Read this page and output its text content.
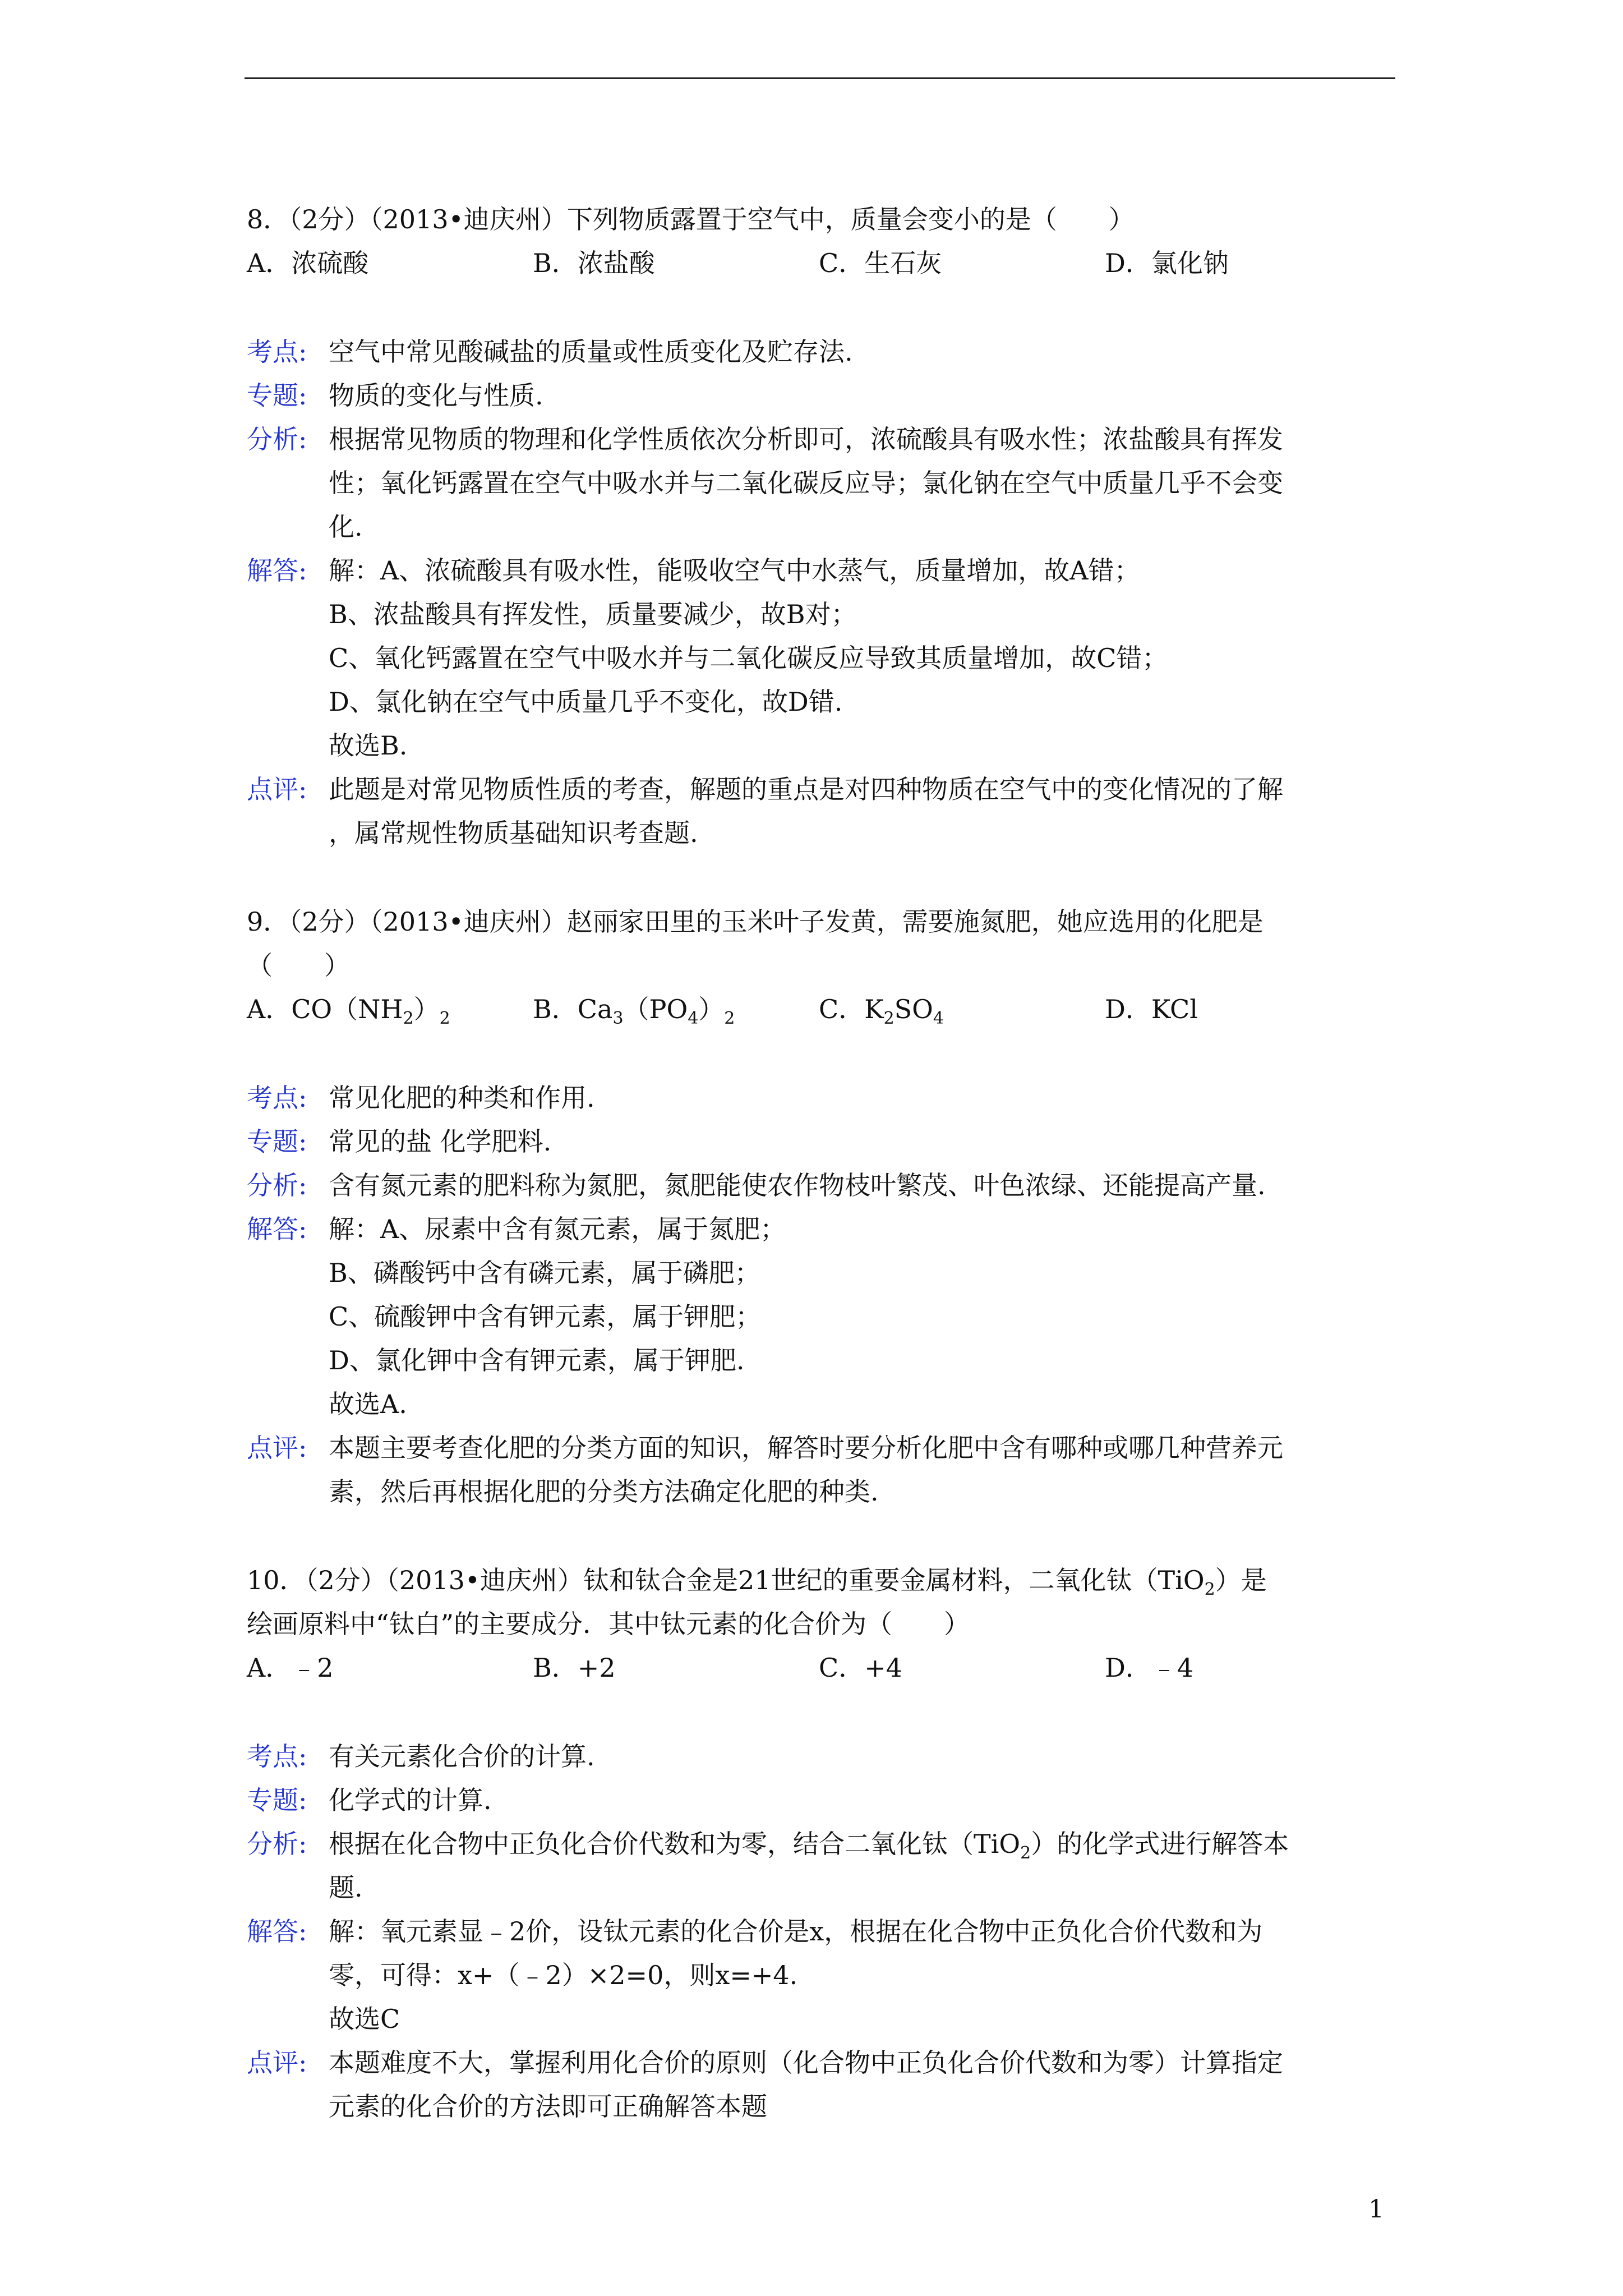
8．（2分）（2013•迪庆州）下列物质露置于空气中，质量会变小的是（　　）
A．浓硫酸	B．浓盐酸	C．生石灰	D．氯化钠
考点: 空气中常见酸碱盐的质量或性质变化及贮存法.
专题: 物质的变化与性质.
分析: 根据常见物质的物理和化学性质依次分析即可，浓硫酸具有吸水性；浓盐酸具有挥发
性；氧化钙露置在空气中吸水并与二氧化碳反应导；氯化钠在空气中质量几乎不会变
化.
解答: 解：A、浓硫酸具有吸水性，能吸收空气中水蒸气，质量增加，故A错；
B、浓盐酸具有挥发性，质量要减少，故B对；
C、氧化钙露置在空气中吸水并与二氧化碳反应导致其质量增加，故C错；
D、氯化钠在空气中质量几乎不变化，故D错.
故选B.
点评: 此题是对常见物质性质的考查，解题的重点是对四种物质在空气中的变化情况的了解
，属常规性物质基础知识考查题.
9．（2分）（2013•迪庆州）赵丽家田里的玉米叶子发黄，需要施氮肥，她应选用的化肥是
（　　）
A．$CO(NH_2)_2$	B．$Ca_3(PO_4)_2$	C．$K_2SO_4$	D．KCl
考点: 常见化肥的种类和作用.
专题: 常见的盐 化学肥料.
分析: 含有氮元素的肥料称为氮肥，氮肥能使农作物枝叶繁茂、叶色浓绿、还能提高产量.
解答: 解：A、尿素中含有氮元素，属于氮肥；
B、磷酸钙中含有磷元素，属于磷肥；
C、硫酸钾中含有钾元素，属于钾肥；
D、氯化钾中含有钾元素，属于钾肥.
故选A.
点评: 本题主要考查化肥的分类方面的知识，解答时要分析化肥中含有哪种或哪几种营养元
素，然后再根据化肥的分类方法确定化肥的种类.
10．（2分）（2013•迪庆州）钛和钛合金是21世纪的重要金属材料，二氧化钛（TiO$_2$）是
绘画原料中“钛白”的主要成分．其中钛元素的化合价为（　　）
A．﹣2	B．+2	C．+4	D．﹣4
考点: 有关元素化合价的计算.
专题: 化学式的计算.
分析: 根据在化合物中正负化合价代数和为零，结合二氧化钛（TiO$_2$）的化学式进行解答本
题.
解答: 解：氧元素显﹣2价，设钛元素的化合价是x，根据在化合物中正负化合价代数和为
零，可得：x+（﹣2）×2=0，则x=+4.
故选C
点评: 本题难度不大，掌握利用化合价的原则（化合物中正负化合价代数和为零）计算指定
元素的化合价的方法即可正确解答本题
1
